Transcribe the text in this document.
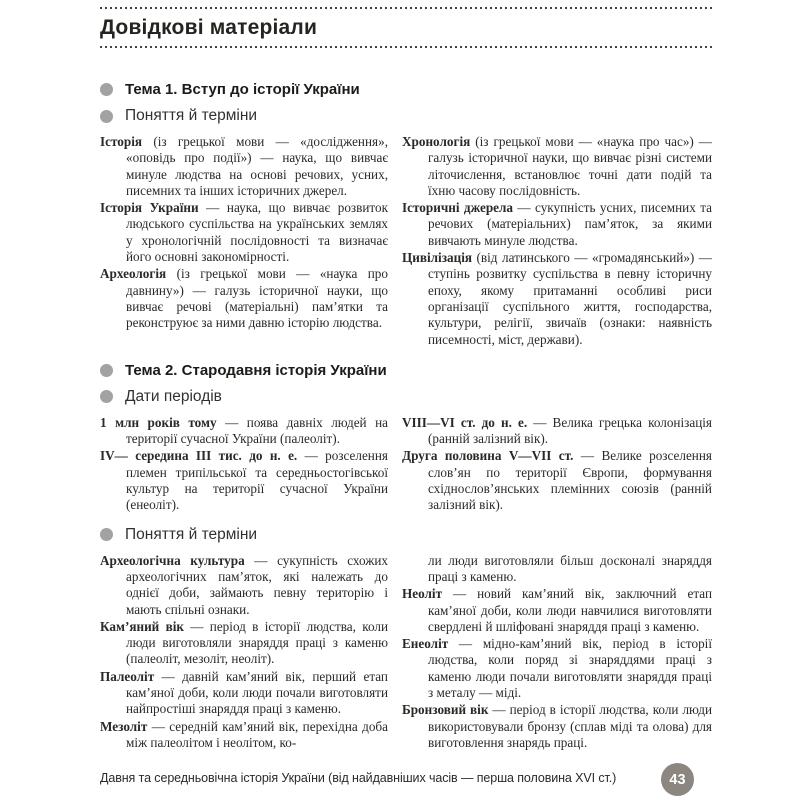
Довідкові матеріали
Тема 1. Вступ до історії України
Поняття й терміни

Історія (із грецької мови — «дослідження», «оповідь про події») — наука, що вивчає минуле людства на основі речових, усних, писемних та інших історичних джерел.

Історія України — наука, що вивчає розвиток людського суспільства на українських землях у хронологічній послідовності та визначає його основні закономірності.

Археологія (із грецької мови — «наука про давнину») — галузь історичної науки, що вивчає речові (матеріальні) пам’ятки та реконструює за ними давню історію людства.

Хронологія (із грецької мови — «наука про час») — галузь історичної науки, що вивчає різні системи літочислення, встановлює точні дати подій та їхню часову послідовність.

Історичні джерела — сукупність усних, писемних та речових (матеріальних) пам’яток, за якими вивчають минуле людства.

Цивілізація (від латинського — «громадянський») — ступінь розвитку суспільства в певну історичну епоху, якому притаманні особливі риси організації суспільного життя, господарства, культури, релігії, звичаїв (ознаки: наявність писемності, міст, держави).

Тема 2. Стародавня історія України
Дати періодів

1 млн років тому — поява давніх людей на території сучасної України (палеоліт).

IV— середина III тис. до н. е. — розселення племен трипільської та середньостогівської культур на території сучасної України (енеоліт).

VIII—VI ст. до н. е. — Велика грецька колонізація (ранній залізний вік).

Друга половина V—VII ст. — Велике розселення слов’ян по території Європи, формування східнослов’янських племінних союзів (ранній залізний вік).

Поняття й терміни

Археологічна культура — сукупність схожих археологічних пам’яток, які належать до однієї доби, займають певну територію і мають спільні ознаки.

Кам’яний вік — період в історії людства, коли люди виготовляли знаряддя праці з каменю (палеоліт, мезоліт, неоліт).

Палеоліт — давній кам’яний вік, перший етап кам’яної доби, коли люди почали виготовляти найпростіші знаряддя праці з каменю.

Мезоліт — середній кам’яний вік, перехідна доба між палеолітом і неолітом, ко-

ли люди виготовляли більш досконалі знаряддя праці з каменю.

Неоліт — новий кам’яний вік, заключний етап кам’яної доби, коли люди навчилися виготовляти свердлені й шліфовані знаряддя праці з каменю.

Енеоліт — мідно-кам’яний вік, період в історії людства, коли поряд зі знаряддями праці з каменю люди почали виготовляти знаряддя праці з металу — міді.

Бронзовий вік — період в історії людства, коли люди використовували бронзу (сплав міді та олова) для виготовлення знарядь праці.

Давня та середньовічна історія України (від найдавніших часів — перша половина XVI ст.)	43
